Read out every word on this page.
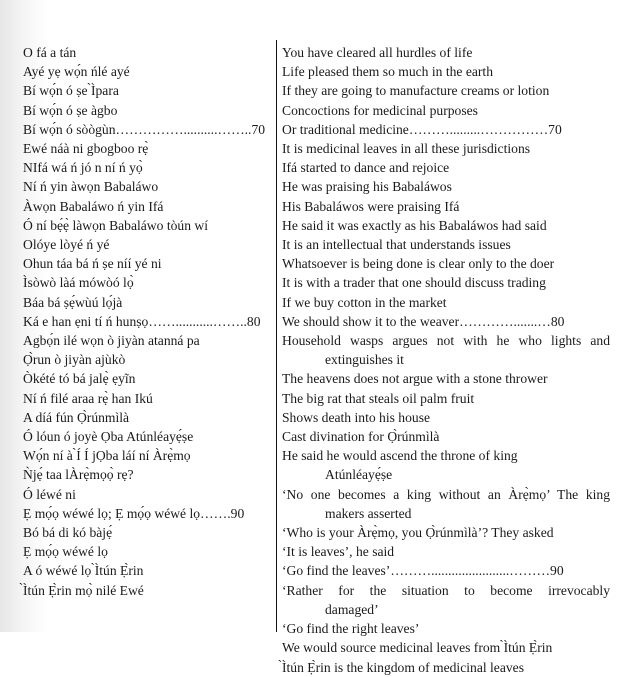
O fá a tán

Ayé yẹ wọ́n ńlé ayé

Bí wọ́n ó ṣe ̀Ìpara

Bí wọ́n ó ṣe àgbo

Bí wọ́n ó sòògùn……………..........……..70

Ewé náà ni gbogboo rẹ̀

NIfá wá ń jó n ní ń yọ̀

Ní ń yin àwọn Babaláwo

Àwọn Babaláwo ń yin Ifá

Ó ní bẹ́ẹ̀ làwọn Babaláwo tòún wí

Olóye lòyé ń yé

Ohun táa bá ń ṣe níí yé ni

Ìsòwò làá mówòó lọ̀

Báa bá ṣẹ́wùú lọ́jà

Ká e han ẹni tí ń hunṣọ……...........……..80

Agbọ́n ilé wọn ò jiyàn atanná pa

Ọ̀run ò jiyàn ajùkò

Òkété tó bá jalẹ̀ ẹyĩn

Ní ń filé araa rẹ̀ han Ikú

A díá fún Ọ̀rúnmìlà

Ó lóun ó joyè Ọba Atúnléayẹ́ṣe

Wọ́n ní à ̀Í Í jỌba láí ní Àrẹ̀mọ

Ǹjẹ́ taa lÀrẹ̀mọọ̀ rẹ?

Ó léwé ni

Ẹ mọ́ọ wéwé lọ; Ẹ mọ́ọ wéwé lọ…….90

Bó bá di kó bàjẹ́

Ẹ mọ́ọ wéwé lọ

A ó wéwé lọ ̀Ìtún Ẹ̀rin

̀Ìtún Ẹ̀rin mọ̀ nilé Ewé

You have cleared all hurdles of life

Life pleased them so much in the earth

If they are going to manufacture creams or lotion

Concoctions for medicinal purposes

Or traditional medicine……….........……………70

It is medicinal leaves in all these jurisdictions

Ifá started to dance and rejoice

He was praising his Babaláwos

His Babaláwos were praising Ifá

He said it was exactly as his Babaláwos had said

It is an intellectual that understands issues

Whatsoever is being done is clear only to the doer

It is with a trader that one should discuss trading

If we buy cotton in the market

We should show it to the weaver………….......…80

Household wasps argues not with he who lights and
extinguishes it

The heavens does not argue with a stone thrower

The big rat that steals oil palm fruit

Shows death into his house

Cast divination for Ọ̀rúnmìlà

He said he would ascend the throne of king
Atúnléayẹ́ṣe
‘No one becomes a king without an Àrẹ̀mọ’ The king
makers asserted

‘Who is your Àrẹ̀mọ, you Ọ̀rúnmìlà’? They asked

‘It is leaves’, he said

‘Go find the leaves’……….......................………90

‘Rather for the situation to become irrevocably
damaged’

‘Go find the right leaves’

We would source medicinal leaves from ̀Ìtún Ẹ̀rin

̀Ìtún Ẹ̀rin is the kingdom of medicinal leaves
